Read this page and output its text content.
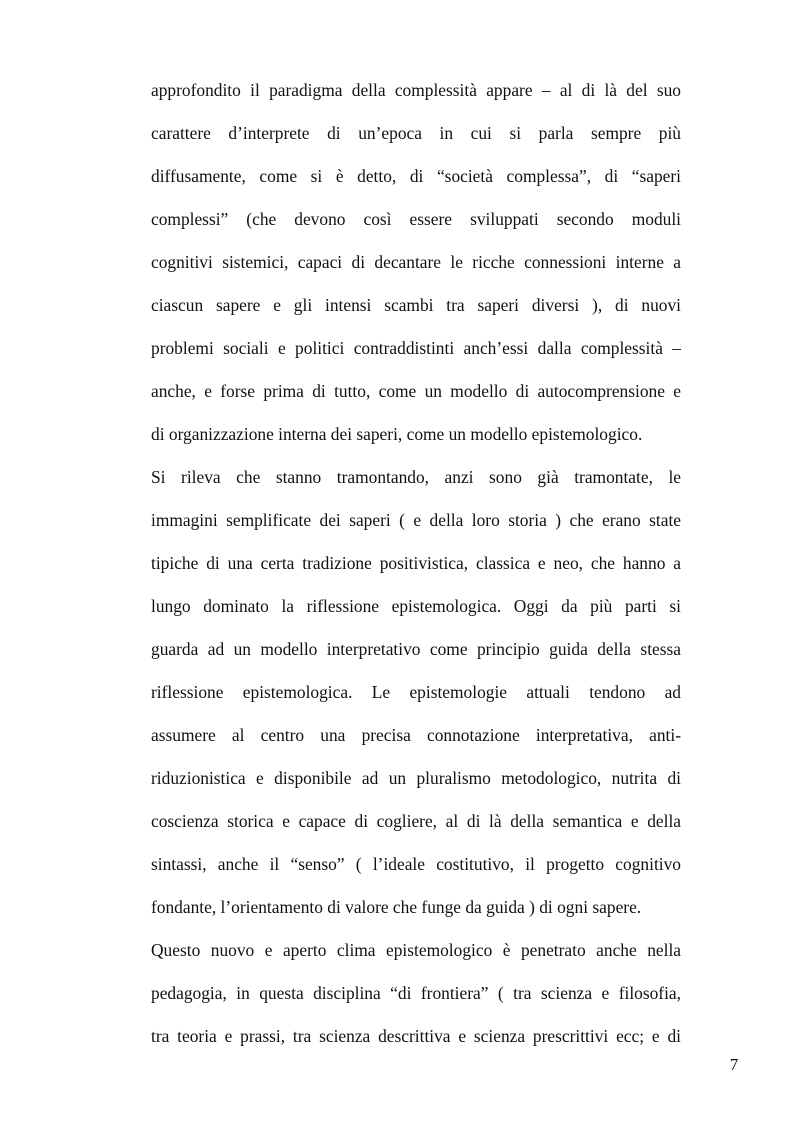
approfondito il paradigma della complessità appare – al di là del suo
carattere d’interprete di un’epoca in cui si parla sempre più
diffusamente, come si è detto, di “società complessa”, di “saperi
complessi” (che devono così essere sviluppati secondo moduli
cognitivi sistemici, capaci di decantare le ricche connessioni interne a
ciascun sapere e gli intensi scambi tra saperi diversi ), di nuovi
problemi sociali e politici contraddistinti anch’essi dalla complessità –
anche, e forse prima di tutto, come un modello di autocomprensione e
di organizzazione interna dei saperi, come un modello epistemologico.
Si rileva che stanno tramontando, anzi sono già tramontate, le
immagini semplificate dei saperi ( e della loro storia ) che erano state
tipiche di una certa tradizione positivistica, classica e neo, che hanno a
lungo dominato la riflessione epistemologica. Oggi da più parti si
guarda ad un modello interpretativo come principio guida della stessa
riflessione epistemologica. Le epistemologie attuali tendono ad
assumere al centro una precisa connotazione interpretativa, anti-
riduzionistica e disponibile ad un pluralismo metodologico, nutrita di
coscienza storica e capace di cogliere, al di là della semantica e della
sintassi, anche il “senso” ( l’ideale costitutivo, il progetto cognitivo
fondante, l’orientamento di valore che funge da guida ) di ogni sapere.
Questo nuovo e aperto clima epistemologico è penetrato anche nella
pedagogia, in questa disciplina “di frontiera” ( tra scienza e filosofia,
tra teoria e prassi, tra scienza descrittiva e scienza prescrittivi ecc; e di
7
